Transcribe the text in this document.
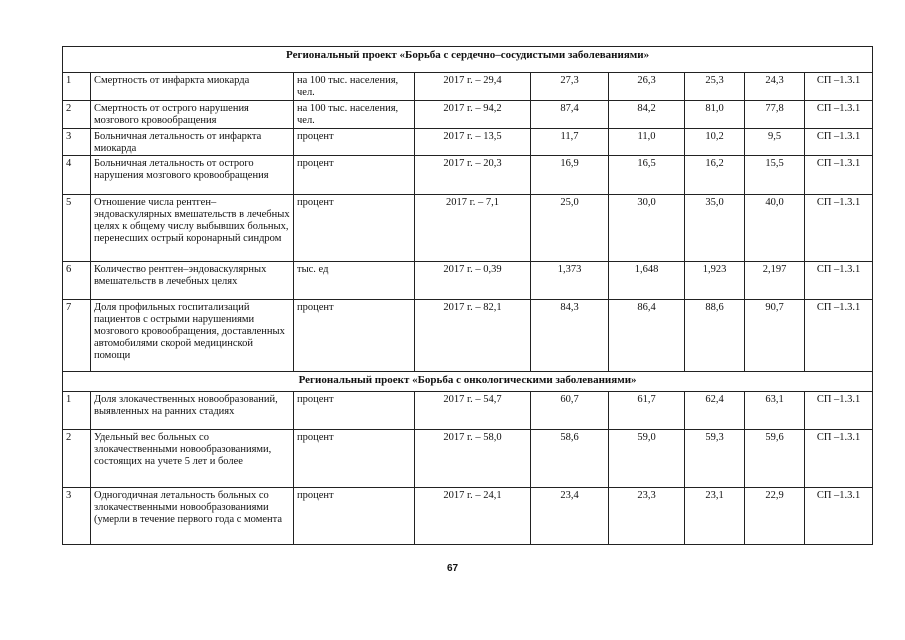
Региональный проект «Борьба с сердечно–сосудистыми заболеваниями»								
1	Смертность от инфаркта миокарда	на 100 тыс. населения, чел.	2017 г. – 29,4	27,3	26,3	25,3	24,3	СП –1.3.1
2	Смертность от острого нарушения мозгового кровообращения	на 100 тыс. населения, чел.	2017 г. – 94,2	87,4	84,2	81,0	77,8	СП –1.3.1
3	Больничная летальность от инфаркта миокарда	процент	2017 г. – 13,5	11,7	11,0	10,2	9,5	СП –1.3.1
4	Больничная летальность от острого нарушения мозгового кровообращения	процент	2017 г. – 20,3	16,9	16,5	16,2	15,5	СП –1.3.1
5	Отношение числа рентген–эндоваскулярных вмешательств в лечебных целях к общему числу выбывших больных, перенесших острый коронарный синдром	процент	2017 г. – 7,1	25,0	30,0	35,0	40,0	СП –1.3.1
6	Количество рентген–эндоваскулярных вмешательств в лечебных целях	тыс. ед	2017 г. – 0,39	1,373	1,648	1,923	2,197	СП –1.3.1
7	Доля профильных госпитализаций пациентов с острыми нарушениями мозгового кровообращения, доставленных автомобилями скорой медицинской помощи	процент	2017 г. – 82,1	84,3	86,4	88,6	90,7	СП –1.3.1
Региональный проект «Борьба с онкологическими заболеваниями»								
1	Доля злокачественных новообразований, выявленных на ранних стадиях	процент	2017 г. – 54,7	60,7	61,7	62,4	63,1	СП –1.3.1
2	Удельный вес больных со злокачественными новообразованиями, состоящих на учете 5 лет и более	процент	2017 г. – 58,0	58,6	59,0	59,3	59,6	СП –1.3.1
3	Одногодичная летальность больных со злокачественными новообразованиями (умерли в течение первого года с момента	процент	2017 г. – 24,1	23,4	23,3	23,1	22,9	СП –1.3.1
67
